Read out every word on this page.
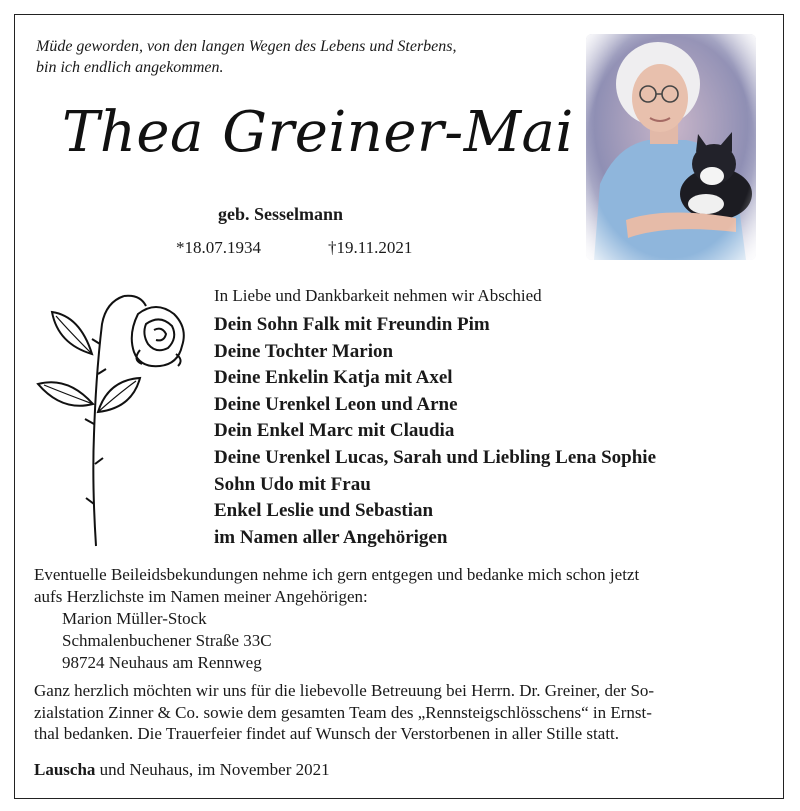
Müde geworden, von den langen Wegen des Lebens und Sterbens,
bin ich endlich angekommen.
Thea Greiner-Mai
geb. Sesselmann
*18.07.1934	†19.11.2021
In Liebe und Dankbarkeit nehmen wir Abschied
Dein Sohn Falk mit Freundin Pim
Deine Tochter Marion
Deine Enkelin Katja mit Axel
Deine Urenkel Leon und Arne
Dein Enkel Marc mit Claudia
Deine Urenkel Lucas, Sarah und Liebling Lena Sophie
Sohn Udo mit Frau
Enkel Leslie und Sebastian
im Namen aller Angehörigen
Eventuelle Beileidsbekundungen nehme ich gern entgegen und bedanke mich schon jetzt
aufs Herzlichste im Namen meiner Angehörigen:
Marion Müller-Stock
Schmalenbuchener Straße 33C
98724 Neuhaus am Rennweg
Ganz herzlich möchten wir uns für die liebevolle Betreuung bei Herrn. Dr. Greiner, der So-
zialstation Zinner & Co. sowie dem gesamten Team des „Rennsteigschlösschens“ in Ernst-
thal bedanken. Die Trauerfeier findet auf Wunsch der Verstorbenen in aller Stille statt.
Lauscha und Neuhaus, im November 2021
